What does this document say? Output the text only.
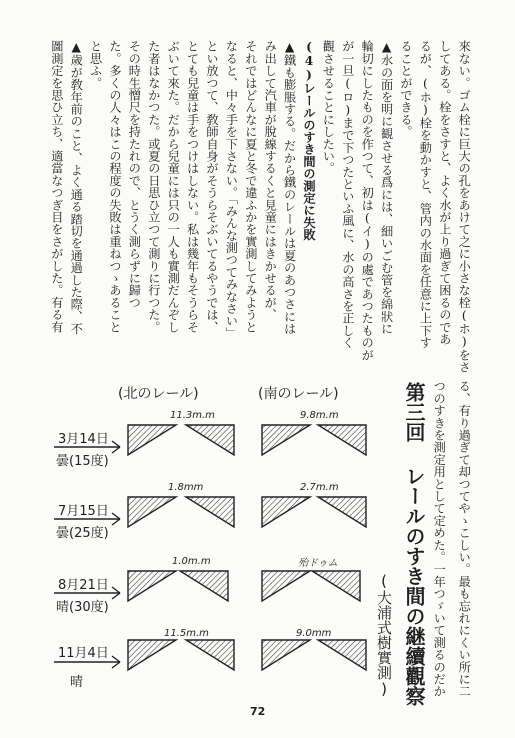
來ない。ゴム栓に巨大の孔をあけて之に小さな栓(ホ)をさ
してある。栓をさすと、よく水が上り過ぎて困るのであ
るが、(ホ)栓を動かすと、管内の水面を任意に上下す
ることができる。
▲水の面を明に観させる爲には、細いごむ管を綿狀に
輪切にしたものを作つて、初は(イ)の處であつたものが
が一旦(ロ)まで下つたといふ風に、水の高さを正しく
觀させることにしたい。
(4)レールのすき間の測定に失敗
▲鐵も膨脹する。だから鐵のレールは夏のあつさには
み出して汽車が脫線するくと見童にはきかせるが、
それではどんなに夏と冬で違ふかを實測してみようと
なると、中々手を下さない。「みんな測つてみなさい」
とい放つて、敎師自身がそうらそぶいてるやうでは、
とても兒童は手をつけはしない。私は幾年もそうらそ
ぶいて來た。だから兒童には只の一人も實測だんぞし
た者はなかつた。或夏の日思ひ立つて測りに行つた。
その時生憎尺を持たれので、とうく測らずに歸つ
た。多くの人々はこの程度の失敗は重ねつゝあること
と思ふ。
▲歲が敎年前のこと、よく通る踏切を通過した際、不
圖測定を思ひ立ち、適當なつぎ目をさがした。有る有
る、有り過ぎて却つてやゝこしい。最も忘れにくい所に二
つのすきを測定用として定めた。一年つゞいて測るのだか
第三回 レールのすき間の継續觀察
(大浦式樹實測)
(北のレール)	(南のレール)
3月14日
曇(15度)
11.3m.m	9.8m.m
7月15日
曇(25度)
1.8mm	2.7m.m
8月21日
晴(30度)
1.0m.m	殆ドゥム
11月4日
晴
11.5m.m	9.0mm
72
